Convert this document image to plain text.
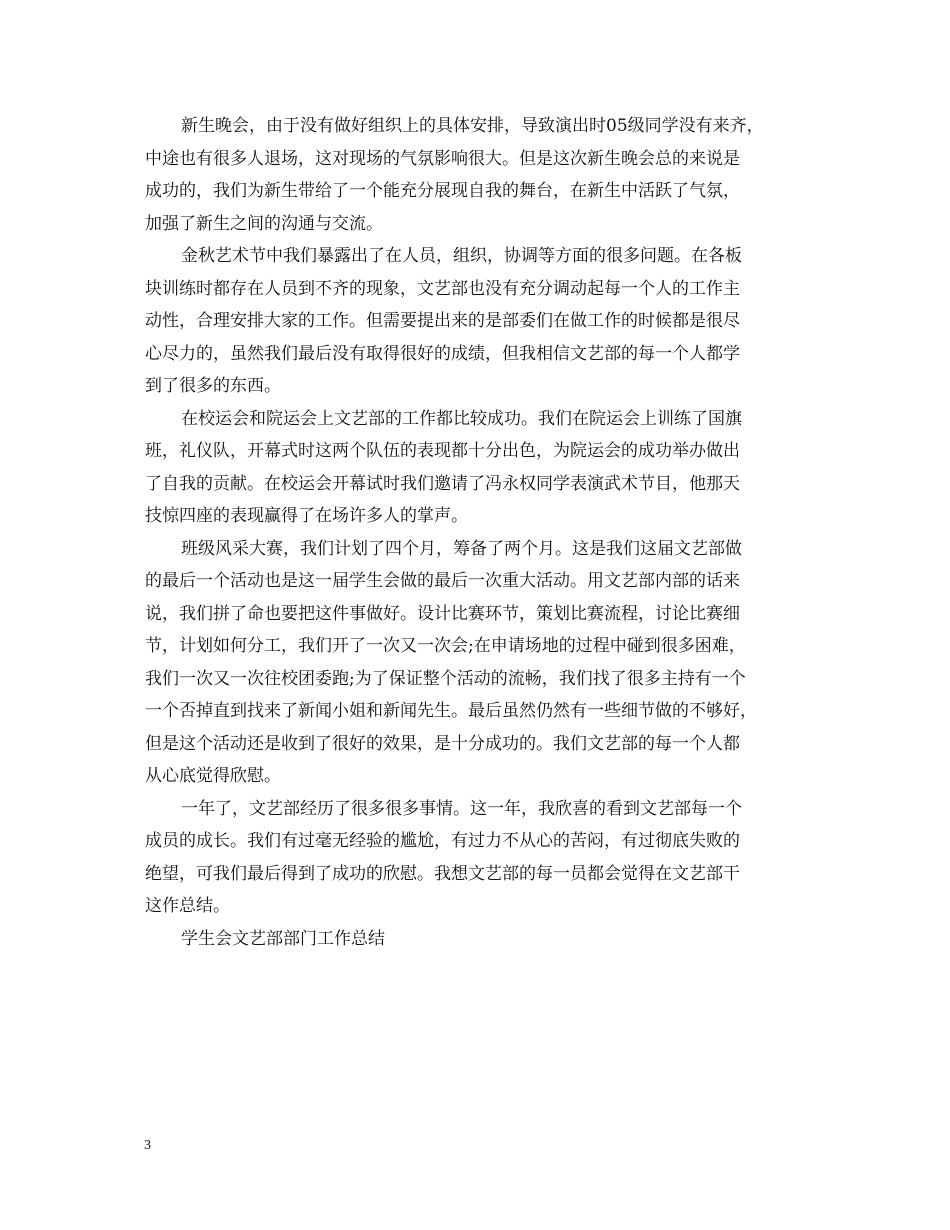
新生晚会，由于没有做好组织上的具体安排，导致演出时05级同学没有来齐，
中途也有很多人退场，这对现场的气氛影响很大。但是这次新生晚会总的来说是
成功的，我们为新生带给了一个能充分展现自我的舞台，在新生中活跃了气氛，
加强了新生之间的沟通与交流。
金秋艺术节中我们暴露出了在人员，组织，协调等方面的很多问题。在各板
块训练时都存在人员到不齐的现象，文艺部也没有充分调动起每一个人的工作主
动性，合理安排大家的工作。但需要提出来的是部委们在做工作的时候都是很尽
心尽力的，虽然我们最后没有取得很好的成绩，但我相信文艺部的每一个人都学
到了很多的东西。
在校运会和院运会上文艺部的工作都比较成功。我们在院运会上训练了国旗
班，礼仪队，开幕式时这两个队伍的表现都十分出色，为院运会的成功举办做出
了自我的贡献。在校运会开幕试时我们邀请了冯永权同学表演武术节目，他那天
技惊四座的表现赢得了在场许多人的掌声。
班级风采大赛，我们计划了四个月，筹备了两个月。这是我们这届文艺部做
的最后一个活动也是这一届学生会做的最后一次重大活动。用文艺部内部的话来
说，我们拼了命也要把这件事做好。设计比赛环节，策划比赛流程，讨论比赛细
节，计划如何分工，我们开了一次又一次会;在申请场地的过程中碰到很多困难，
我们一次又一次往校团委跑;为了保证整个活动的流畅，我们找了很多主持有一个
一个否掉直到找来了新闻小姐和新闻先生。最后虽然仍然有一些细节做的不够好，
但是这个活动还是收到了很好的效果，是十分成功的。我们文艺部的每一个人都
从心底觉得欣慰。
一年了，文艺部经历了很多很多事情。这一年，我欣喜的看到文艺部每一个
成员的成长。我们有过毫无经验的尴尬，有过力不从心的苦闷，有过彻底失败的
绝望，可我们最后得到了成功的欣慰。我想文艺部的每一员都会觉得在文艺部干
这作总结。
学生会文艺部部门工作总结
3
